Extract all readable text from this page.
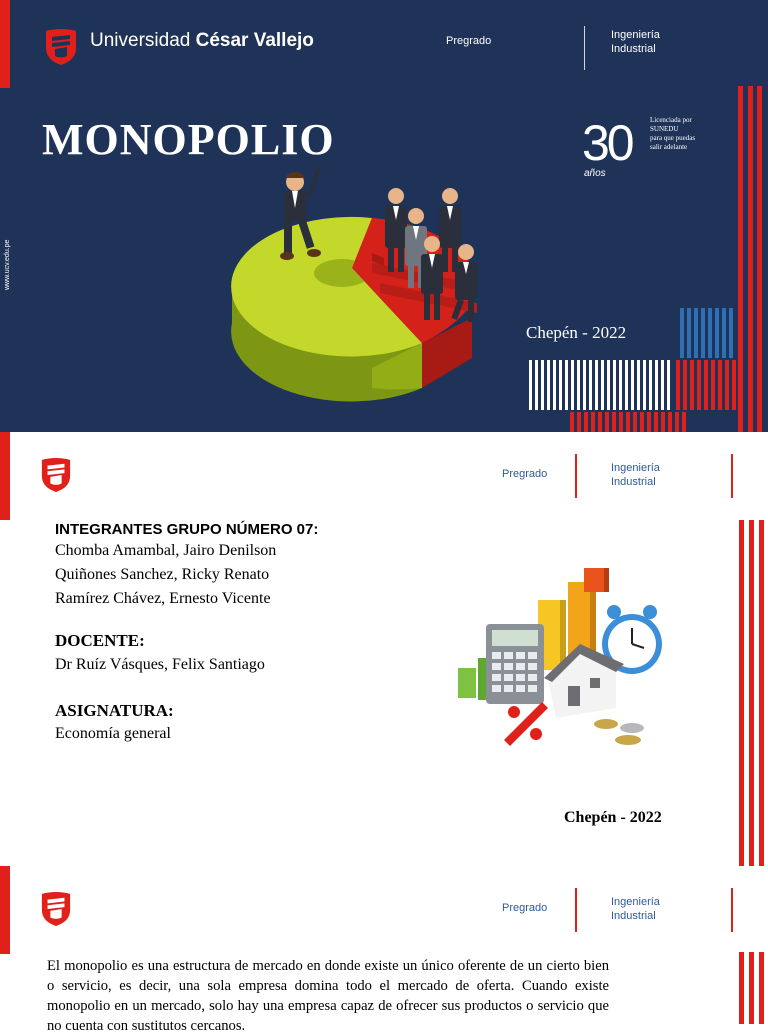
Universidad César Vallejo	Pregrado	Ingeniería
Industrial
MONOPOLIO	30
años
Licenciada por
SUNEDU
para que puedas
salir adelante
www.ucv.edu.pe
Chepén - 2022
Pregrado	Ingeniería
Industrial
INTEGRANTES GRUPO NÚMERO 07:
Chomba Amambal, Jairo Denilson
Quiñones Sanchez, Ricky Renato
Ramírez Chávez, Ernesto Vicente
DOCENTE:
Dr Ruíz Vásques, Felix Santiago
ASIGNATURA:
Economía general
Chepén - 2022
Pregrado	Ingeniería
Industrial

El monopolio es una estructura de mercado en donde existe un único oferente de un cierto bien o servicio, es decir, una sola empresa domina todo el mercado de oferta. Cuando existe monopolio en un mercado, solo hay una empresa capaz de ofrecer sus productos o servicio que no cuenta con sustitutos cercanos.
